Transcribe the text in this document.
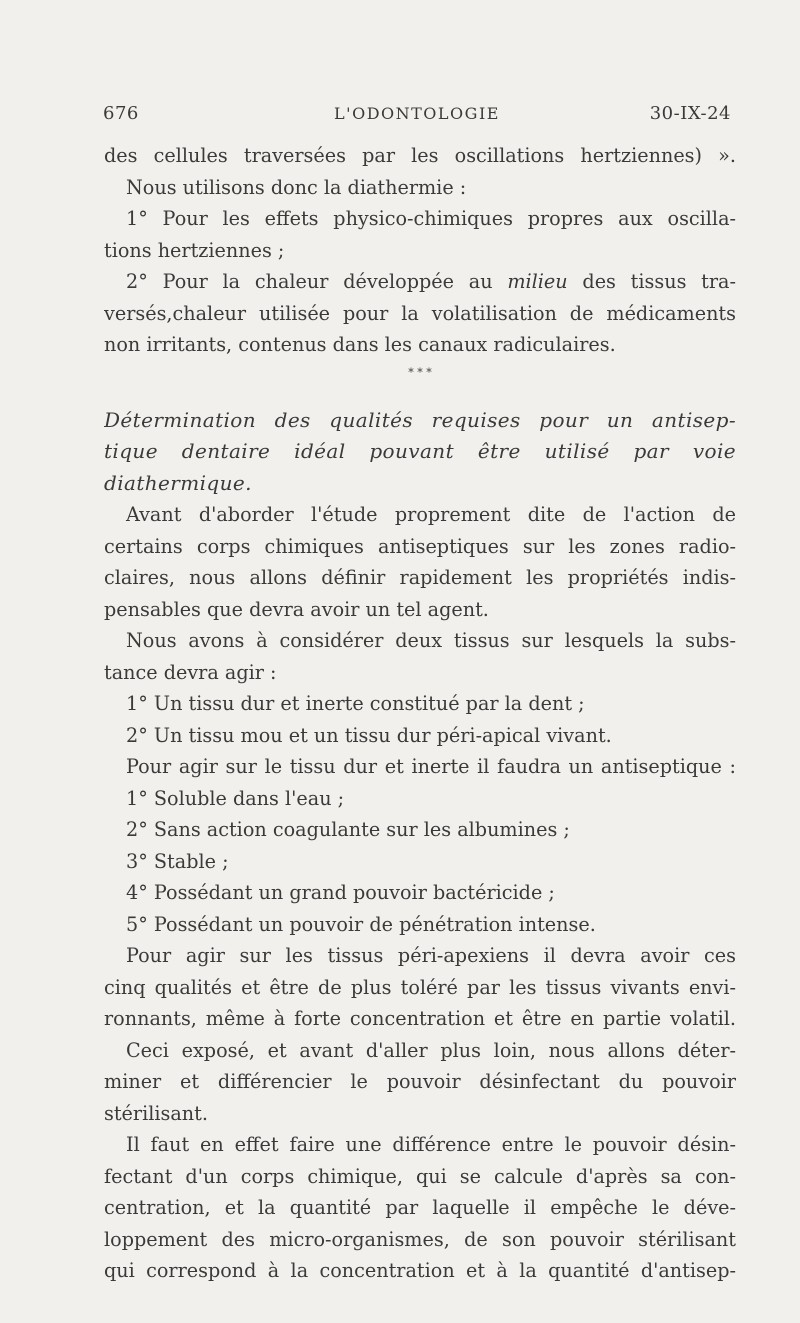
676	L'ODONTOLOGIE	30-IX-24
des cellules traversées par les oscillations hertziennes) ».
Nous utilisons donc la diathermie :
1° Pour les effets physico-chimiques propres aux oscilla-
tions hertziennes ;
2° Pour la chaleur développée au milieu des tissus tra-
versés,chaleur utilisée pour la volatilisation de médicaments
non irritants, contenus dans les canaux radiculaires.
* * *
Détermination des qualités requises pour un antisep-
tique dentaire idéal pouvant être utilisé par voie
diathermique.
Avant d'aborder l'étude proprement dite de l'action de
certains corps chimiques antiseptiques sur les zones radio-
claires, nous allons définir rapidement les propriétés indis-
pensables que devra avoir un tel agent.
Nous avons à considérer deux tissus sur lesquels la subs-
tance devra agir :
1° Un tissu dur et inerte constitué par la dent ;
2° Un tissu mou et un tissu dur péri-apical vivant.
Pour agir sur le tissu dur et inerte il faudra un antiseptique :
1° Soluble dans l'eau ;
2° Sans action coagulante sur les albumines ;
3° Stable ;
4° Possédant un grand pouvoir bactéricide ;
5° Possédant un pouvoir de pénétration intense.
Pour agir sur les tissus péri-apexiens il devra avoir ces
cinq qualités et être de plus toléré par les tissus vivants envi-
ronnants, même à forte concentration et être en partie volatil.
Ceci exposé, et avant d'aller plus loin, nous allons déter-
miner et différencier le pouvoir désinfectant du pouvoir
stérilisant.
Il faut en effet faire une différence entre le pouvoir désin-
fectant d'un corps chimique, qui se calcule d'après sa con-
centration, et la quantité par laquelle il empêche le déve-
loppement des micro-organismes, de son pouvoir stérilisant
qui correspond à la concentration et à la quantité d'antisep-
